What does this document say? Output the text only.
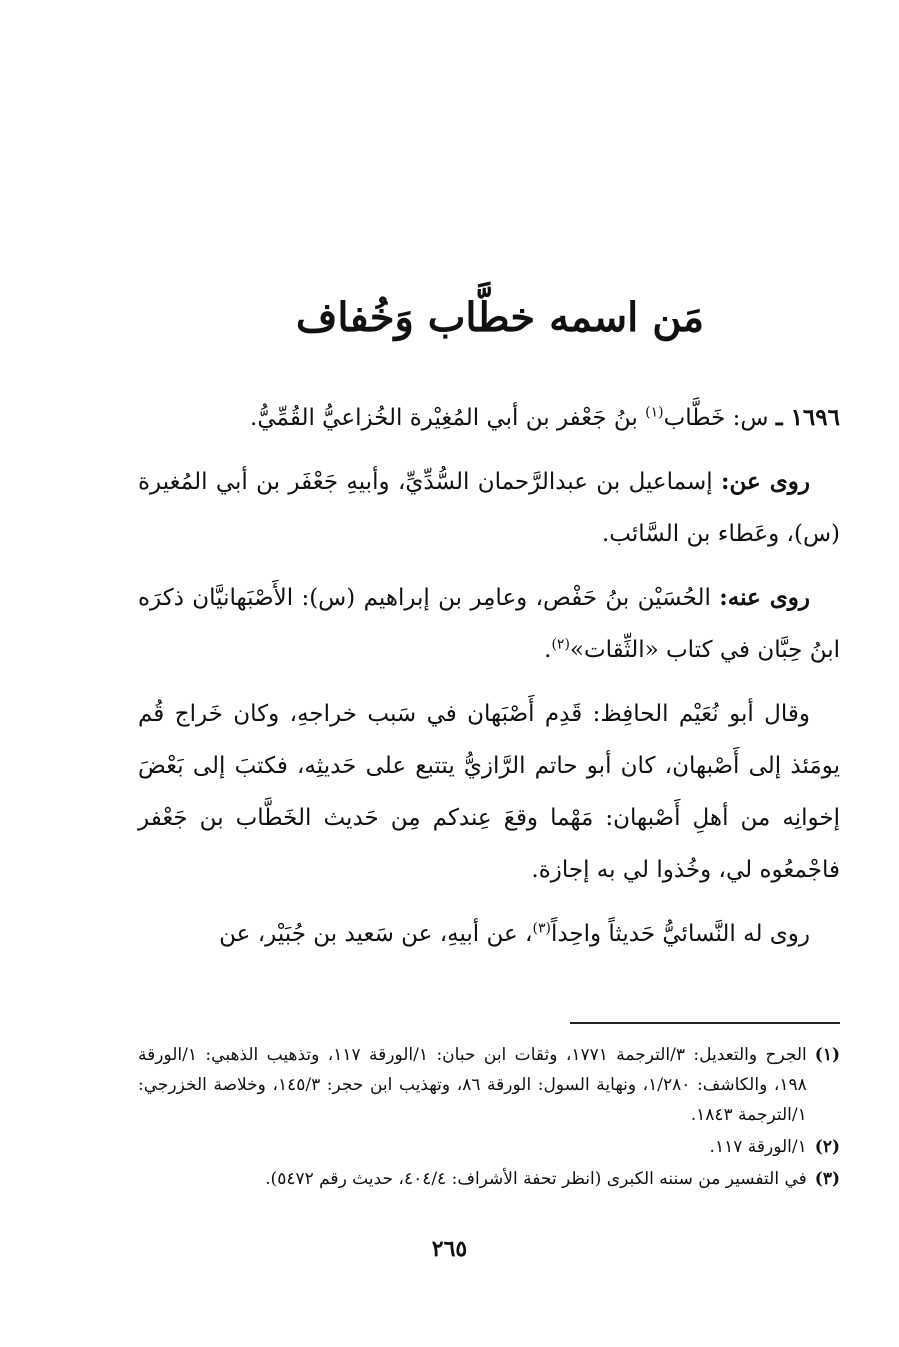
مَن اسمه خطَّاب وَخُفاف

١٦٩٦ ـ س: خَطَّاب$^{(١)}$ بنُ جَعْفر بن أبي المُغِيْرة الخُزاعيُّ القُمِّيُّ.

روى عن: إسماعيل بن عبدالرَّحمان السُّدِّيِّ، وأبيهِ جَعْفَر بن أبي المُغيرة (س)، وعَطاء بن السَّائب.

روى عنه: الحُسَيْن بنُ حَفْص، وعامِر بن إبراهيم (س): الأَصْبَهانيَّان ذكرَه ابنُ حِبَّان في كتاب «الثِّقات»$^{(٢)}$.

وقال أبو نُعَيْم الحافِظ: قَدِم أَصْبَهان في سَبب خراجهِ، وكان خَراج قُم يومَئذ إلى أَصْبهان، كان أبو حاتم الرَّازيُّ يتتبع على حَديثِه، فكتبَ إلى بَعْضَ إخوانِه من أهلِ أَصْبهان: مَهْما وقعَ عِندكم مِن حَديث الخَطَّاب بن جَعْفر فاجْمعُوه لي، وخُذوا لي به إجازة.

روى له النَّسائيُّ حَديثاً واحِداً$^{(٣)}$، عن أبيهِ، عن سَعيد بن جُبَيْر، عن

(١)
الجرح والتعديل: ٣/الترجمة ١٧٧١، وثقات ابن حبان: ١/الورقة ١١٧، وتذهيب الذهبي: ١/الورقة ١٩٨، والكاشف: ١/٢٨٠، ونهاية السول: الورقة ٨٦، وتهذيب ابن حجر: ١٤٥/٣، وخلاصة الخزرجي: ١/الترجمة ١٨٤٣.
(٢)
١/الورقة ١١٧.
(٣)
في التفسير من سننه الكبرى (انظر تحفة الأشراف: ٤٠٤/٤، حديث رقم ٥٤٧٢).
٢٦٥
